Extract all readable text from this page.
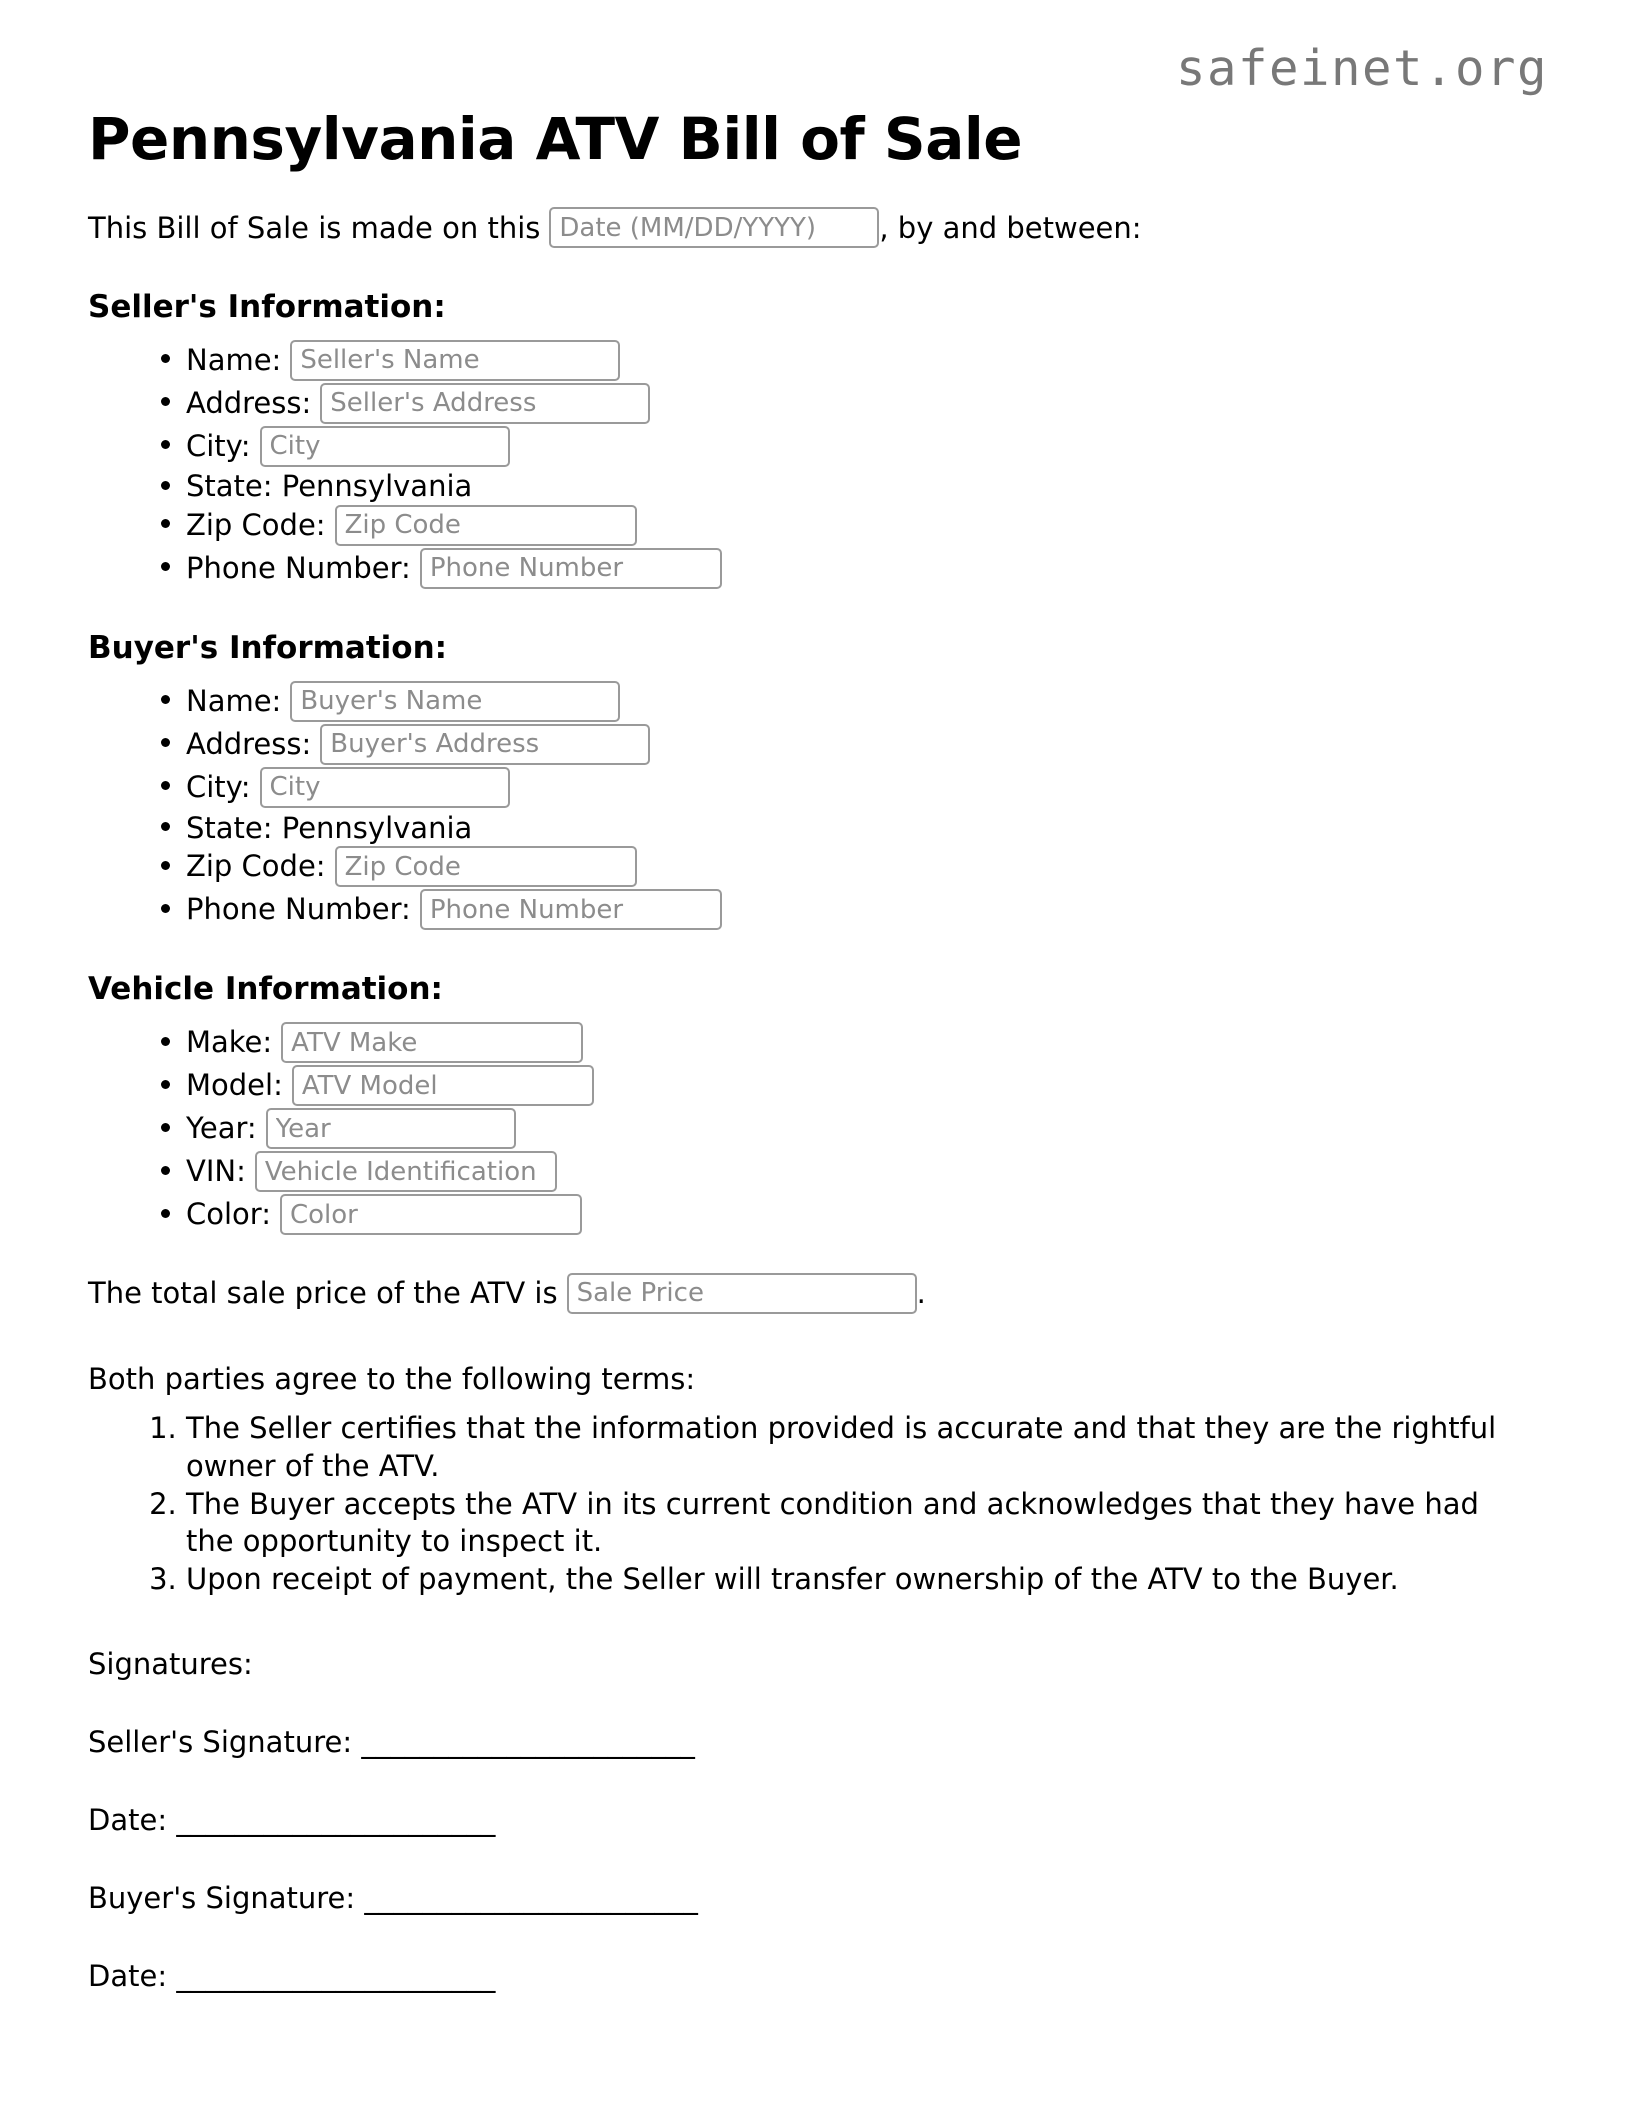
safeinet.org
Pennsylvania ATV Bill of Sale

This Bill of Sale is made on this
Date (MM/DD/YYYY)	, by and between:

Seller's Information:
• Name:
Seller's Name
• Address:
Seller's Address
• City:
City
• State: Pennsylvania
• Zip Code:
Zip Code
• Phone Number:
Phone Number
Buyer's Information:
• Name:
Buyer's Name
• Address:
Buyer's Address
• City:
City
• State: Pennsylvania
• Zip Code:
Zip Code
• Phone Number:
Phone Number
Vehicle Information:
• Make:
ATV Make
• Model:
ATV Model
• Year:
Year
• VIN:
Vehicle Identification Number
• Color:
Color

The total sale price of the ATV is
Sale Price	.

Both parties agree to the following terms:

1. The Seller certifies that the information provided is accurate and that they are the rightful owner of the ATV.
2. The Buyer accepts the ATV in its current condition and acknowledges that they have had the opportunity to inspect it.
3. Upon receipt of payment, the Seller will transfer ownership of the ATV to the Buyer.

Signatures:

Seller's Signature: _______________________

Date: ______________________

Buyer's Signature: _______________________

Date: ______________________
